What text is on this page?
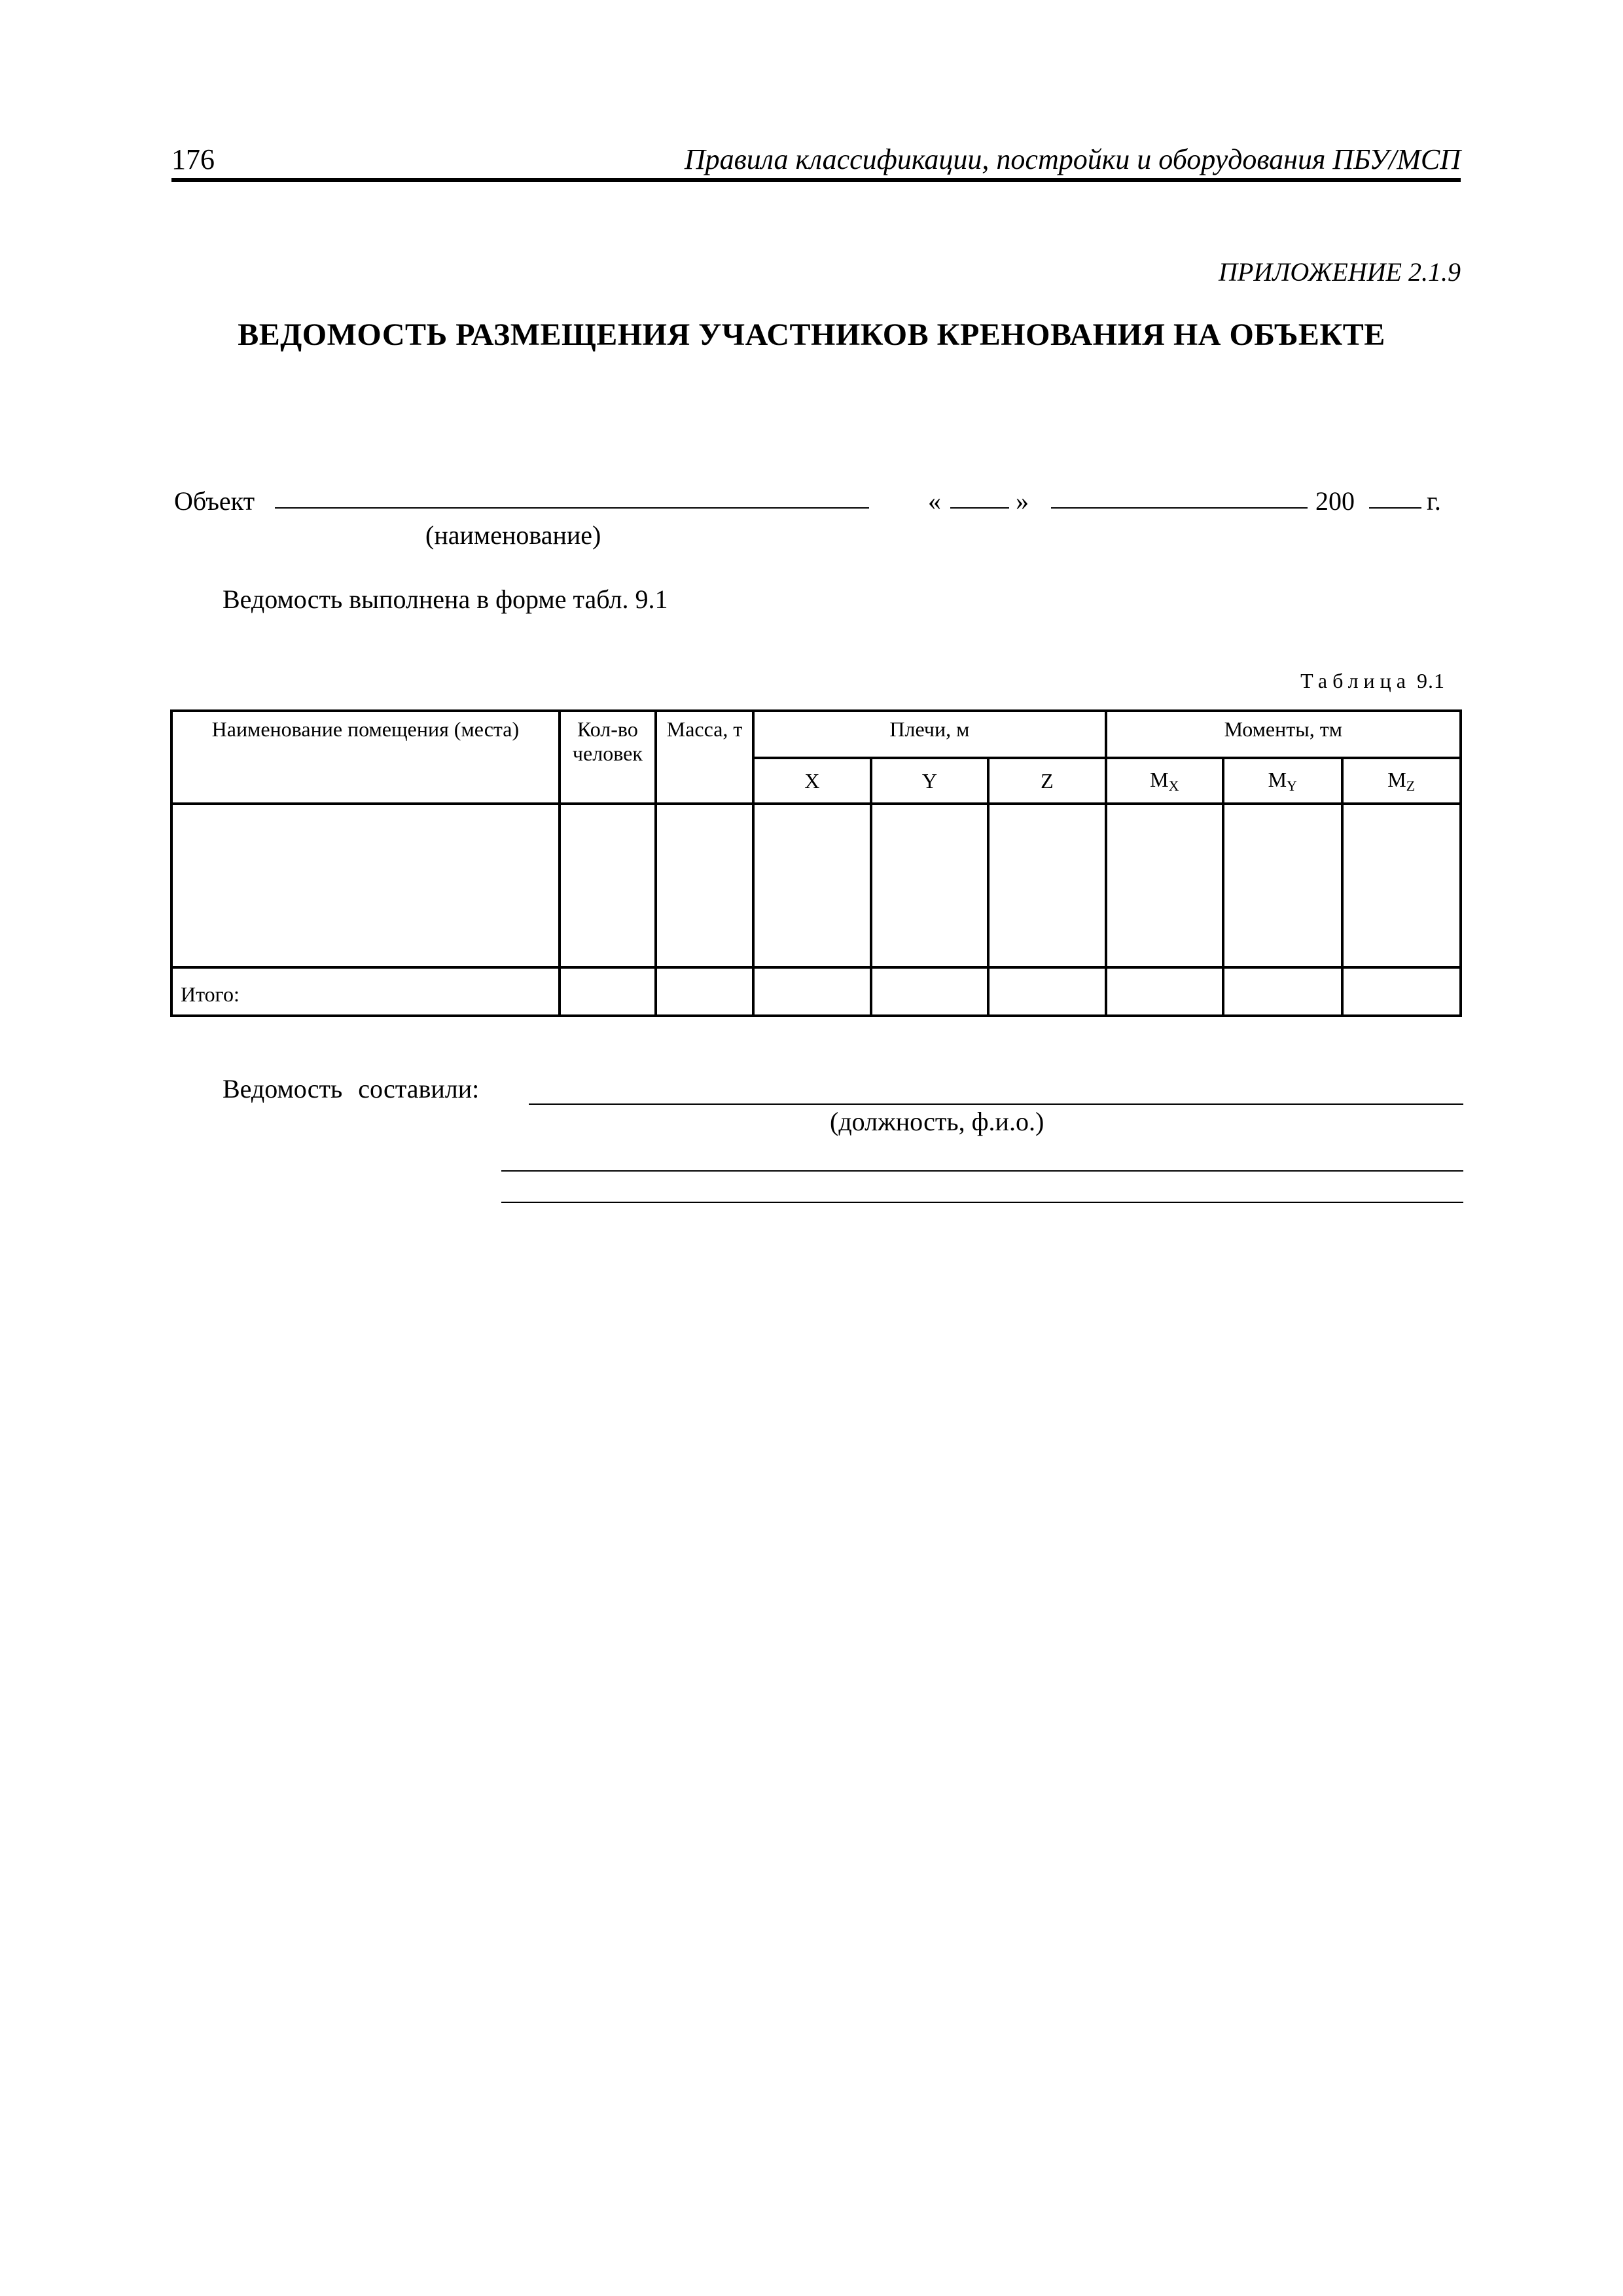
176	Правила классификации, постройки и оборудования ПБУ/МСП
ПРИЛОЖЕНИЕ 2.1.9
ВЕДОМОСТЬ РАЗМЕЩЕНИЯ УЧАСТНИКОВ КРЕНОВАНИЯ НА ОБЪЕКТЕ
Объект
(наименование)
«	»	200	г.
Ведомость выполнена в форме табл. 9.1
Таблица 9.1
Наименование помещения (места)	Кол-во человек	Масса, т	Плечи, м			Моменты, тм		
			X	Y	Z	$M_X$	$M_Y$	$M_Z$

Итого:								
Ведомость составили:
(должность, ф.и.о.)
